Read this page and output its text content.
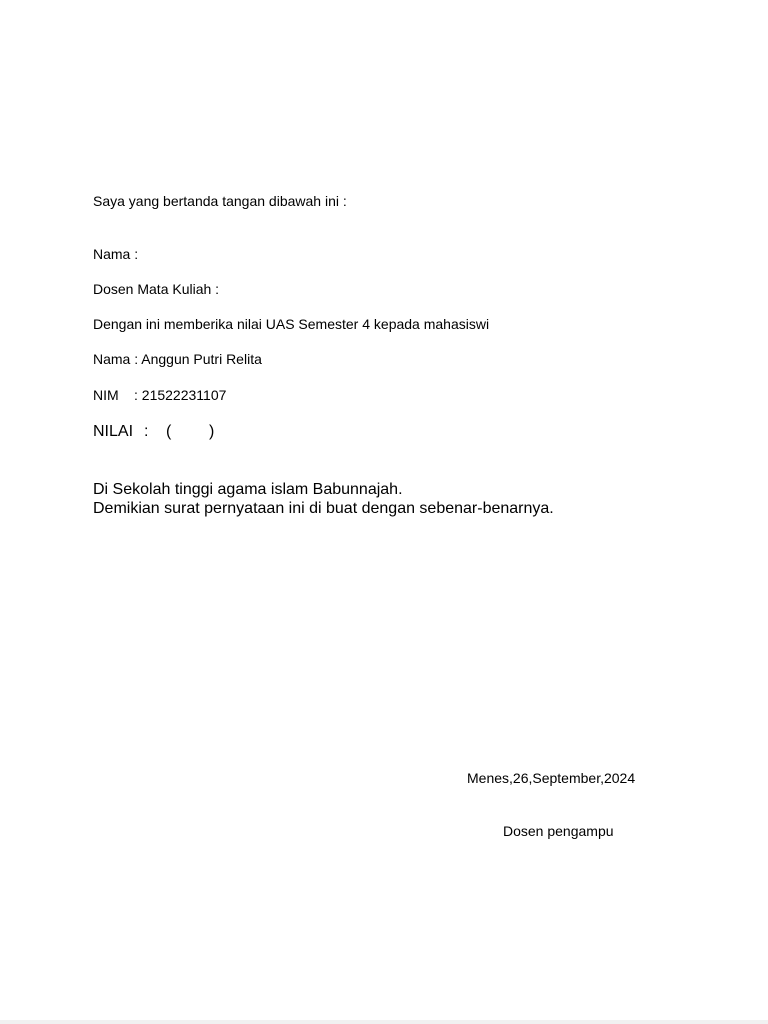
Saya yang bertanda tangan dibawah ini :
Nama :
Dosen Mata Kuliah :
Dengan ini memberika nilai UAS Semester 4 kepada mahasiswi
Nama : Anggun Putri Relita
NIM : 21522231107
NILAI : ( )
Di Sekolah tinggi agama islam Babunnajah.
Demikian surat pernyataan ini di buat dengan sebenar-benarnya.
Menes,26,September,2024
Dosen pengampu
